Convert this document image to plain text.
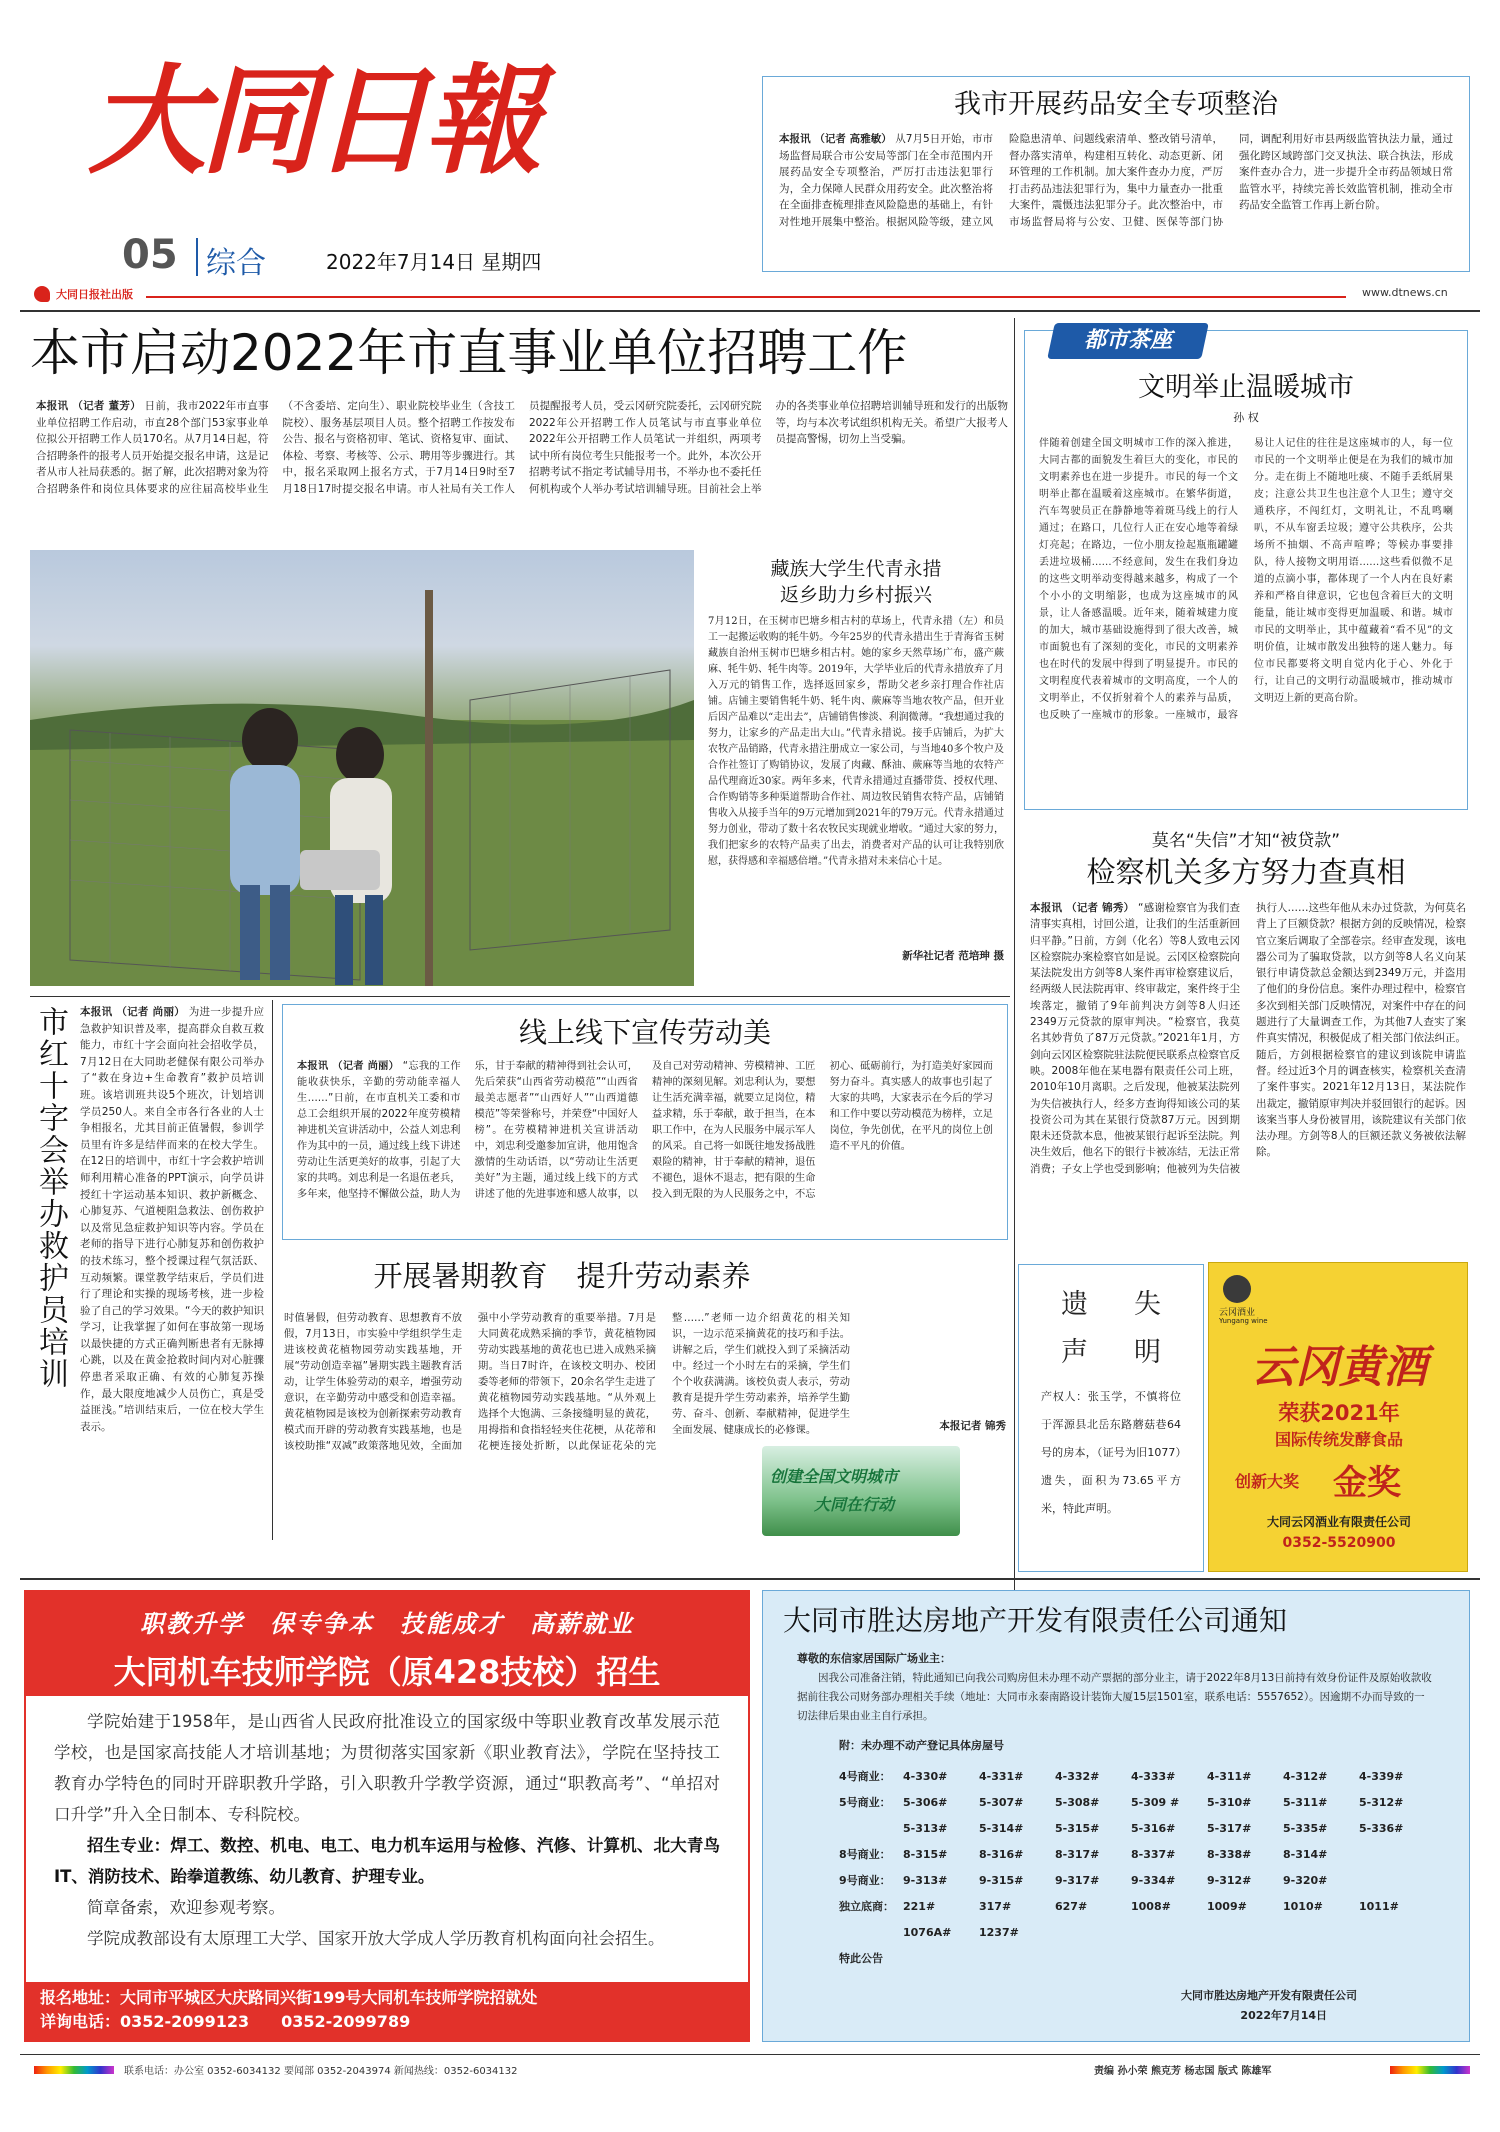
大同日報
05 综合	2022年7月14日 星期四
大同日报社出版	www.dtnews.cn
我市开展药品安全专项整治
本报讯 （记者 高雅敏） 从7月5日开始，市市场监督局联合市公安局等部门在全市范围内开展药品安全专项整治，严厉打击违法犯罪行为，全力保障人民群众用药安全。此次整治将在全面排查梳理排查风险隐患的基础上，有针对性地开展集中整治。根据风险等级，建立风险隐患清单、问题线索清单、整改销号清单，督办落实清单，构建相互转化、动态更新、闭环管理的工作机制。加大案件查办力度，严厉打击药品违法犯罪行为，集中力量查办一批重大案件，震慑违法犯罪分子。此次整治中，市市场监督局将与公安、卫健、医保等部门协同，调配利用好市县两级监管执法力量，通过强化跨区域跨部门交叉执法、联合执法，形成案件查办合力，进一步提升全市药品领域日常监管水平，持续完善长效监管机制，推动全市药品安全监管工作再上新台阶。
本市启动2022年市直事业单位招聘工作
本报讯 （记者 董芳） 日前，我市2022年市直事业单位招聘工作启动，市直28个部门53家事业单位拟公开招聘工作人员170名。从7月14日起，符合招聘条件的报考人员开始提交报名申请，这是记者从市人社局获悉的。据了解，此次招聘对象为符合招聘条件和岗位具体要求的应往届高校毕业生（不含委培、定向生）、职业院校毕业生（含技工院校）、服务基层项目人员。整个招聘工作按发布公告、报名与资格初审、笔试、资格复审、面试、体检、考察、考核等、公示、聘用等步骤进行。其中，报名采取网上报名方式，于7月14日9时至7月18日17时提交报名申请。市人社局有关工作人员提醒报考人员，受云冈研究院委托，云冈研究院2022年公开招聘工作人员笔试与市直事业单位2022年公开招聘工作人员笔试一并组织，两项考试中所有岗位考生只能报考一个。此外，本次公开招聘考试不指定考试辅导用书，不举办也不委托任何机构或个人举办考试培训辅导班。目前社会上举办的各类事业单位招聘培训辅导班和发行的出版物等，均与本次考试组织机构无关。希望广大报考人员提高警惕，切勿上当受骗。
藏族大学生代青永措
返乡助力乡村振兴
7月12日，在玉树市巴塘乡相古村的草场上，代青永措（左）和员工一起搬运收购的牦牛奶。今年25岁的代青永措出生于青海省玉树藏族自治州玉树市巴塘乡相古村。她的家乡天然草场广布，盛产蕨麻、牦牛奶、牦牛肉等。2019年，大学毕业后的代青永措放弃了月入万元的销售工作，选择返回家乡，帮助父老乡亲打理合作社店铺。店铺主要销售牦牛奶、牦牛肉、蕨麻等当地农牧产品，但开业后因产品难以“走出去”，店铺销售惨淡、利润微薄。“我想通过我的努力，让家乡的产品走出大山。”代青永措说。接手店铺后，为扩大农牧产品销路，代青永措注册成立一家公司，与当地40多个牧户及合作社签订了购销协议，发展了肉藏、酥油、蕨麻等当地的农特产品代理商近30家。两年多来，代青永措通过直播带货、授权代理、合作购销等多种渠道帮助合作社、周边牧民销售农特产品，店铺销售收入从接手当年的9万元增加到2021年的79万元。代青永措通过努力创业，带动了数十名农牧民实现就业增收。“通过大家的努力，我们把家乡的农特产品卖了出去，消费者对产品的认可让我特别欣慰，获得感和幸福感倍增。”代青永措对未来信心十足。
新华社记者 范培珅 摄
都市茶座
文明举止温暖城市
孙 权
伴随着创建全国文明城市工作的深入推进，大同古都的面貌发生着巨大的变化，市民的文明素养也在进一步提升。市民的每一个文明举止都在温暖着这座城市。在繁华街道，汽车驾驶员正在静静地等着斑马线上的行人通过；在路口，几位行人正在安心地等着绿灯亮起；在路边，一位小朋友捡起瓶瓶罐罐丢进垃圾桶……不经意间，发生在我们身边的这些文明举动变得越来越多，构成了一个个小小的文明缩影，也成为这座城市的风景，让人备感温暖。近年来，随着城建力度的加大，城市基础设施得到了很大改善，城市面貌也有了深刻的变化，市民的文明素养也在时代的发展中得到了明显提升。市民的文明程度代表着城市的文明高度，一个人的文明举止，不仅折射着个人的素养与品质，也反映了一座城市的形象。一座城市，最容易让人记住的往往是这座城市的人，每一位市民的一个文明举止便是在为我们的城市加分。走在街上不随地吐痰、不随手丢纸屑果皮；注意公共卫生也注意个人卫生；遵守交通秩序，不闯红灯，文明礼让，不乱鸣喇叭，不从车窗丢垃圾；遵守公共秩序，公共场所不抽烟、不高声喧哗；等候办事要排队，待人接物文明用语……这些看似微不足道的点滴小事，都体现了一个人内在良好素养和严格自律意识，它也包含着巨大的文明能量，能让城市变得更加温暖、和谐。城市市民的文明举止，其中蕴藏着“看不见”的文明价值，让城市散发出独特的迷人魅力。每位市民都要将文明自觉内化于心、外化于行，让自己的文明行动温暖城市，推动城市文明迈上新的更高台阶。
莫名“失信”才知“被贷款”
检察机关多方努力查真相
本报讯 （记者 锦秀） “感谢检察官为我们查清事实真相，讨回公道，让我们的生活重新回归平静。”日前，方剑（化名）等8人致电云冈区检察院办案检察官如是说。云冈区检察院向某法院发出方剑等8人案件再审检察建议后，经两级人民法院再审、终审裁定，案件终于尘埃落定，撤销了9年前判决方剑等8人归还2349万元贷款的原审判决。“检察官，我莫名其妙背负了87万元贷款。”2021年1月，方剑向云冈区检察院驻法院便民联系点检察官反映。2008年他在某电器有限责任公司上班，2010年10月离职。之后发现，他被某法院列为失信被执行人，经多方查询得知该公司的某投资公司为其在某银行贷款87万元。因到期限未还贷款本息，他被某银行起诉至法院。判决生效后，他名下的银行卡被冻结，无法正常消费；子女上学也受到影响；他被列为失信被执行人……这些年他从未办过贷款，为何莫名背上了巨额贷款？根据方剑的反映情况，检察官立案后调取了全部卷宗。经审查发现，该电器公司为了骗取贷款，以方剑等8人名义向某银行申请贷款总金额达到2349万元，并盗用了他们的身份信息。案件办理过程中，检察官多次到相关部门反映情况，对案件中存在的问题进行了大量调查工作，为其他7人查实了案件真实情况，积极促成了相关部门依法纠正。随后，方剑根据检察官的建议到该院申请监督。经过近3个月的调查核实，检察机关查清了案件事实。2021年12月13日，某法院作出裁定，撤销原审判决并驳回银行的起诉。因该案当事人身份被冒用，该院建议有关部门依法办理。方剑等8人的巨额还款义务被依法解除。
市红十字会举办救护员培训 本报讯 （记者 尚丽） 为进一步提升应急救护知识普及率，提高群众自救互救能力，市红十字会面向社会招收学员，7月12日在大同助老健保有限公司举办了“救在身边+生命教育”救护员培训班。该培训班共设5个班次，计划培训学员250人。来自全市各行各业的人士争相报名，尤其目前正值暑假，参训学员里有许多是结伴而来的在校大学生。在12日的培训中，市红十字会救护培训师利用精心准备的PPT演示，向学员讲授红十字运动基本知识、救护新概念、心肺复苏、气道梗阻急救法、创伤救护以及常见急症救护知识等内容。学员在老师的指导下进行心肺复苏和创伤救护的技术练习，整个授课过程气氛活跃、互动频繁。课堂教学结束后，学员们进行了理论和实操的现场考核，进一步检验了自己的学习效果。“今天的救护知识学习，让我掌握了如何在事故第一现场以最快捷的方式正确判断患者有无脉搏心跳，以及在黄金抢救时间内对心脏骤停患者采取正确、有效的心肺复苏操作，最大限度地减少人员伤亡，真是受益匪浅。”培训结束后，一位在校大学生表示。
线上线下宣传劳动美
本报讯 （记者 尚丽） “忘我的工作能收获快乐，辛勤的劳动能幸福人生……”日前，在市直机关工委和市总工会组织开展的2022年度劳模精神进机关宣讲活动中，公益人刘忠利作为其中的一员，通过线上线下讲述劳动让生活更美好的故事，引起了大家的共鸣。刘忠利是一名退伍老兵，多年来，他坚持不懈做公益，助人为乐，甘于奉献的精神得到社会认可，先后荣获“山西省劳动模范”“山西省最美志愿者”“山西好人”“山西道德模范”等荣誉称号，并荣登“中国好人榜”。在劳模精神进机关宣讲活动中，刘忠利受邀参加宣讲，他用饱含激情的生动话语，以“劳动让生活更美好”为主题，通过线上线下的方式讲述了他的先进事迹和感人故事，以及自己对劳动精神、劳模精神、工匠精神的深刻见解。刘忠利认为，要想让生活充满幸福，就要立足岗位，精益求精，乐于奉献，敢于担当，在本职工作中，在为人民服务中展示军人的风采。自己将一如既往地发扬战胜艰险的精神，甘于奉献的精神，退伍不褪色，退休不退志，把有限的生命投入到无限的为人民服务之中，不忘初心、砥砺前行，为打造美好家园而努力奋斗。真实感人的故事也引起了大家的共鸣，大家表示在今后的学习和工作中要以劳动模范为榜样，立足岗位，争先创优，在平凡的岗位上创造不平凡的价值。
开展暑期教育　提升劳动素养
时值暑假，但劳动教育、思想教育不放假，7月13日，市实验中学组织学生走进该校黄花植物园劳动实践基地，开展“劳动创造幸福”暑期实践主题教育活动，让学生体验劳动的艰辛，增强劳动意识，在辛勤劳动中感受和创造幸福。黄花植物园是该校为创新探索劳动教育模式而开辟的劳动教育实践基地，也是该校助推“双减”政策落地见效，全面加强中小学劳动教育的重要举措。7月是大同黄花成熟采摘的季节，黄花植物园劳动实践基地的黄花也已进入成熟采摘期。当日7时许，在该校文明办、校团委等老师的带领下，20余名学生走进了黄花植物园劳动实践基地。“从外观上选择个大饱满、三条接缝明显的黄花，用拇指和食指轻轻夹住花梗，从花蒂和花梗连接处折断，以此保证花朵的完整……”老师一边介绍黄花的相关知识，一边示范采摘黄花的技巧和手法。讲解之后，学生们就投入到了采摘活动中。经过一个小时左右的采摘，学生们个个收获满满。该校负责人表示，劳动教育是提升学生劳动素养，培养学生勤劳、奋斗、创新、奉献精神，促进学生全面发展、健康成长的必修课。	本报记者 锦秀
创建全国文明城市
大同在行动
遗 失
声 明
产权人：张玉学，不慎将位于浑源县北岳东路蘑菇巷64号的房本，（证号为旧1077）遗失，面积为73.65平方米，特此声明。
云冈酒业
Yungang wine
云冈黄酒
荣获2021年
国际传统发酵食品
创新大奖 金奖
大同云冈酒业有限责任公司
0352-5520900
职教升学　保专争本　技能成才　高薪就业
大同机车技师学院（原428技校）招生

学院始建于1958年，是山西省人民政府批准设立的国家级中等职业教育改革发展示范学校，也是国家高技能人才培训基地；为贯彻落实国家新《职业教育法》，学院在坚持技工教育办学特色的同时开辟职教升学路，引入职教升学教学资源，通过“职教高考”、“单招对口升学”升入全日制本、专科院校。

招生专业：焊工、数控、机电、电工、电力机车运用与检修、汽修、计算机、北大青鸟IT、消防技术、跆拳道教练、幼儿教育、护理专业。

简章备索，欢迎参观考察。

学院成教部设有太原理工大学、国家开放大学成人学历教育机构面向社会招生。

报名地址：大同市平城区大庆路同兴街199号大同机车技师学院招就处
详询电话：0352-2099123　　0352-2099789
大同市胜达房地产开发有限责任公司通知
尊敬的东信家居国际广场业主：
因我公司准备注销，特此通知已向我公司购房但未办理不动产票据的部分业主，请于2022年8月13日前持有效身份证件及原始收款收据前往我公司财务部办理相关手续（地址：大同市永泰南路设计装饰大厦15层1501室，联系电话：5557652）。因逾期不办而导致的一切法律后果由业主自行承担。
附：未办理不动产登记具体房屋号
4号商业：	4-330#	4-331#	4-332#	4-333#	4-311#	4-312#	4-339#
5号商业：	5-306#	5-307#	5-308#	5-309 #	5-310#	5-311#	5-312#
5-313#	5-314#	5-315#	5-316#	5-317#	5-335#	5-336#
8号商业：	8-315#	8-316#	8-317#	8-337#	8-338#	8-314#
9号商业：	9-313#	9-315#	9-317#	9-334#	9-312#	9-320#
独立底商： 221#	317#	627#	1008#	1009#	1010#	1011#
1076A#	1237#
特此公告
大同市胜达房地产开发有限责任公司
2022年7月14日
联系电话：办公室 0352-6034132 要闻部 0352-2043974 新闻热线：0352-6034132	责编 孙小荣 熊克芳 杨志国 版式 陈雄军
